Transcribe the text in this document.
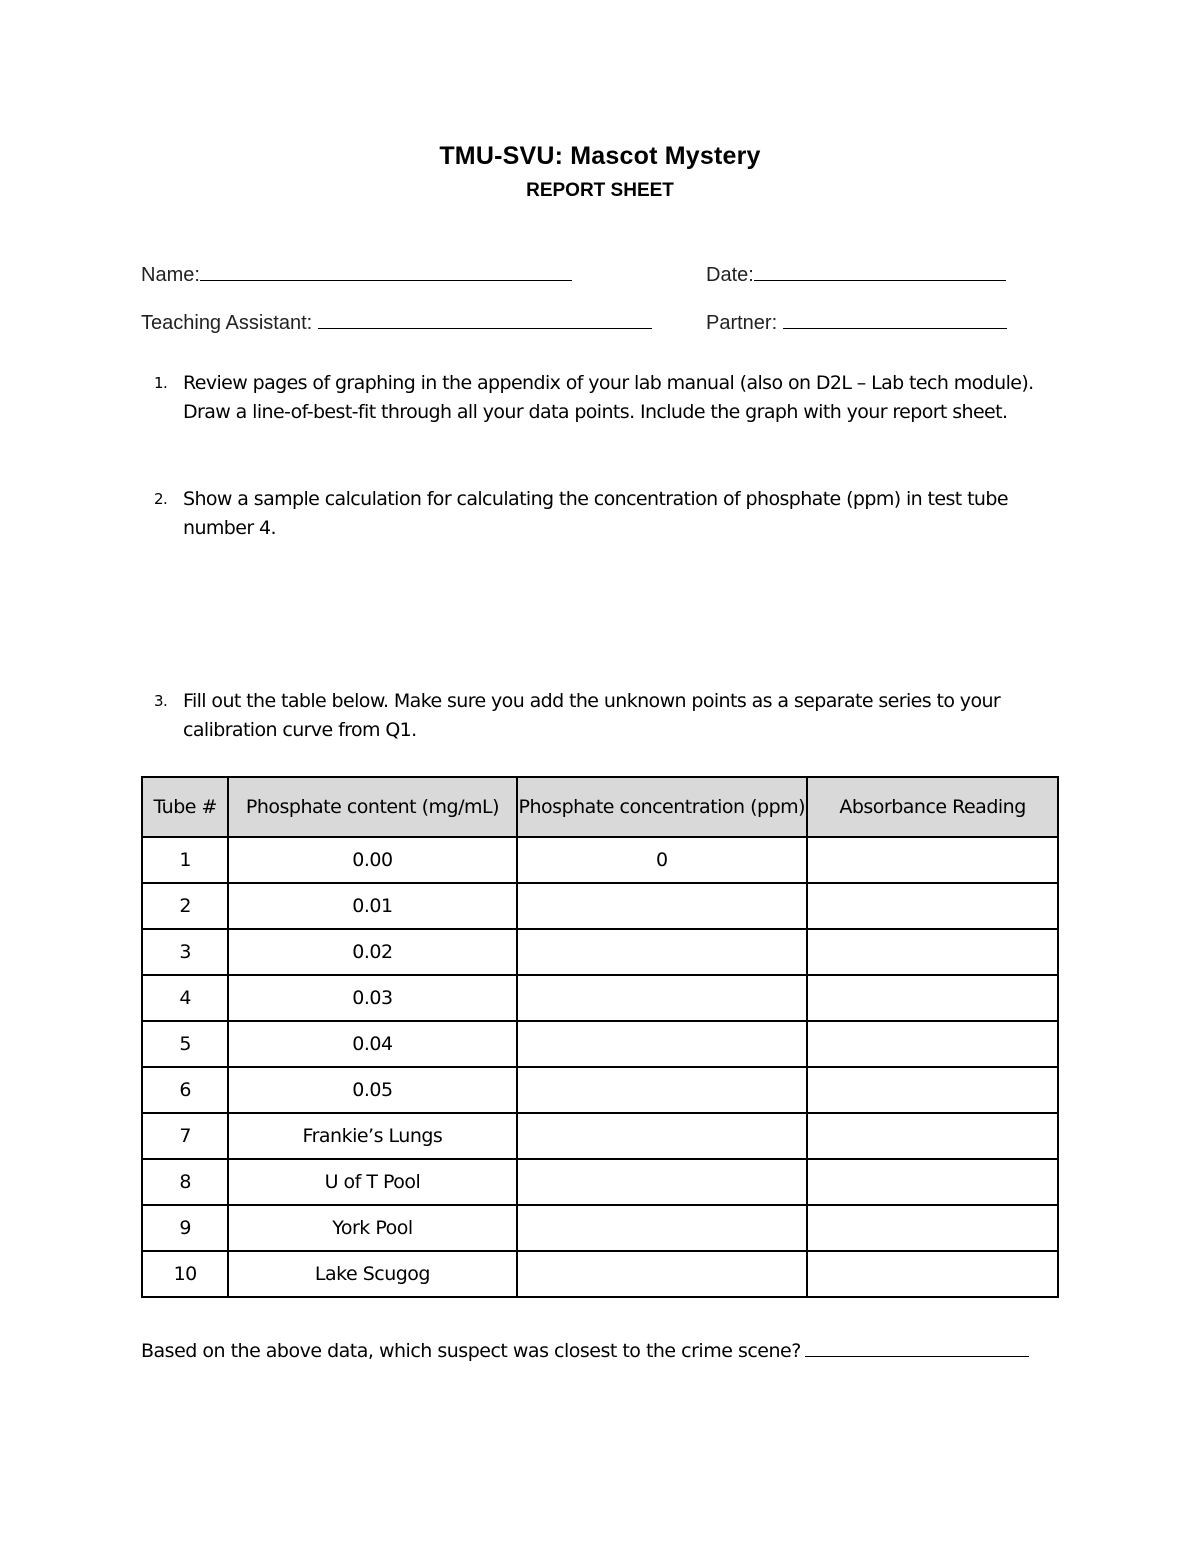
TMU-SVU: Mascot Mystery
REPORT SHEET
Name:	Date:
Teaching Assistant:	Partner:
1. Review pages of graphing in the appendix of your lab manual (also on D2L – Lab tech module). Draw a line-of-best-fit through all your data points. Include the graph with your report sheet.
2. Show a sample calculation for calculating the concentration of phosphate (ppm) in test tube number 4.
3. Fill out the table below. Make sure you add the unknown points as a separate series to your calibration curve from Q1.
Tube #	Phosphate content (mg/mL)	Phosphate concentration (ppm)	Absorbance Reading
1	0.00	0	
2	0.01		
3	0.02		
4	0.03		
5	0.04		
6	0.05		
7	Frankie’s Lungs		
8	U of T Pool		
9	York Pool		
10	Lake Scugog		
Based on the above data, which suspect was closest to the crime scene?
